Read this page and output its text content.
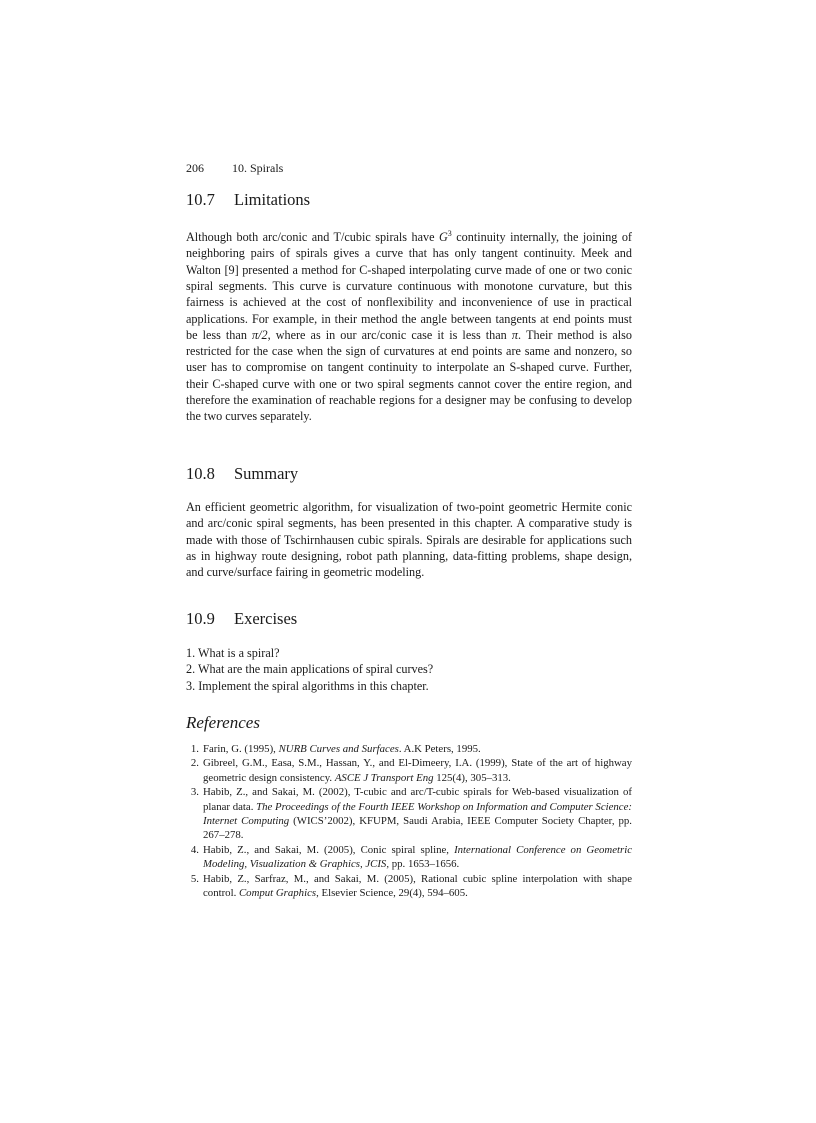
206 10. Spirals
10.7 Limitations

Although both arc/conic and T/cubic spirals have $G^3$ continuity internally, the joining of neighboring pairs of spirals gives a curve that has only tangent continuity. Meek and Walton [9] presented a method for C-shaped interpolating curve made of one or two conic spiral segments. This curve is curvature continuous with monotone curvature, but this fairness is achieved at the cost of nonflexibility and inconvenience of use in practical applications. For example, in their method the angle between tangents at end points must be less than π/2, where as in our arc/conic case it is less than π. Their method is also restricted for the case when the sign of curvatures at end points are same and nonzero, so user has to compromise on tangent continuity to interpolate an S-shaped curve. Further, their C-shaped curve with one or two spiral segments cannot cover the entire region, and therefore the examination of reachable regions for a designer may be confusing to develop the two curves separately.

10.8 Summary

An efficient geometric algorithm, for visualization of two-point geometric Hermite conic and arc/conic spiral segments, has been presented in this chapter. A comparative study is made with those of Tschirnhausen cubic spirals. Spirals are desirable for applications such as in highway route designing, robot path planning, data-fitting problems, shape design, and curve/surface fairing in geometric modeling.

10.9 Exercises
1. What is a spiral?
2. What are the main applications of spiral curves?
3. Implement the spiral algorithms in this chapter.
References
1. Farin, G. (1995), NURB Curves and Surfaces. A.K Peters, 1995.
2. Gibreel, G.M., Easa, S.M., Hassan, Y., and El-Dimeery, I.A. (1999), State of the art of highway geometric design consistency. ASCE J Transport Eng 125(4), 305–313.
3. Habib, Z., and Sakai, M. (2002), T-cubic and arc/T-cubic spirals for Web-based visualization of planar data. The Proceedings of the Fourth IEEE Workshop on Information and Computer Science: Internet Computing (WICS’2002), KFUPM, Saudi Arabia, IEEE Computer Society Chapter, pp. 267–278.
4. Habib, Z., and Sakai, M. (2005), Conic spiral spline, International Conference on Geometric Modeling, Visualization & Graphics, JCIS, pp. 1653–1656.
5. Habib, Z., Sarfraz, M., and Sakai, M. (2005), Rational cubic spline interpolation with shape control. Comput Graphics, Elsevier Science, 29(4), 594–605.
